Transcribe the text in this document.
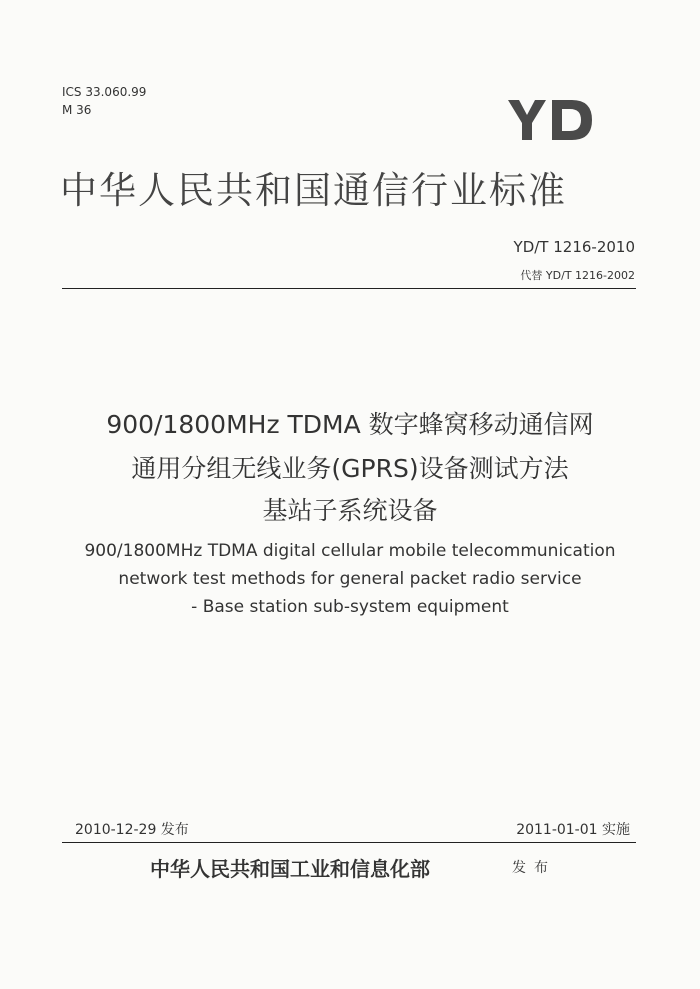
ICS 33.060.99
M 36
中华人民共和国通信行业标准
YD/T 1216-2010
代替 YD/T 1216-2002
900/1800MHz TDMA 数字蜂窝移动通信网
通用分组无线业务(GPRS)设备测试方法
基站子系统设备
900/1800MHz TDMA digital cellular mobile telecommunication
network test methods for general packet radio service
- Base station sub-system equipment
2010-12-29 发布	2011-01-01 实施
中华人民共和国工业和信息化部	发布
